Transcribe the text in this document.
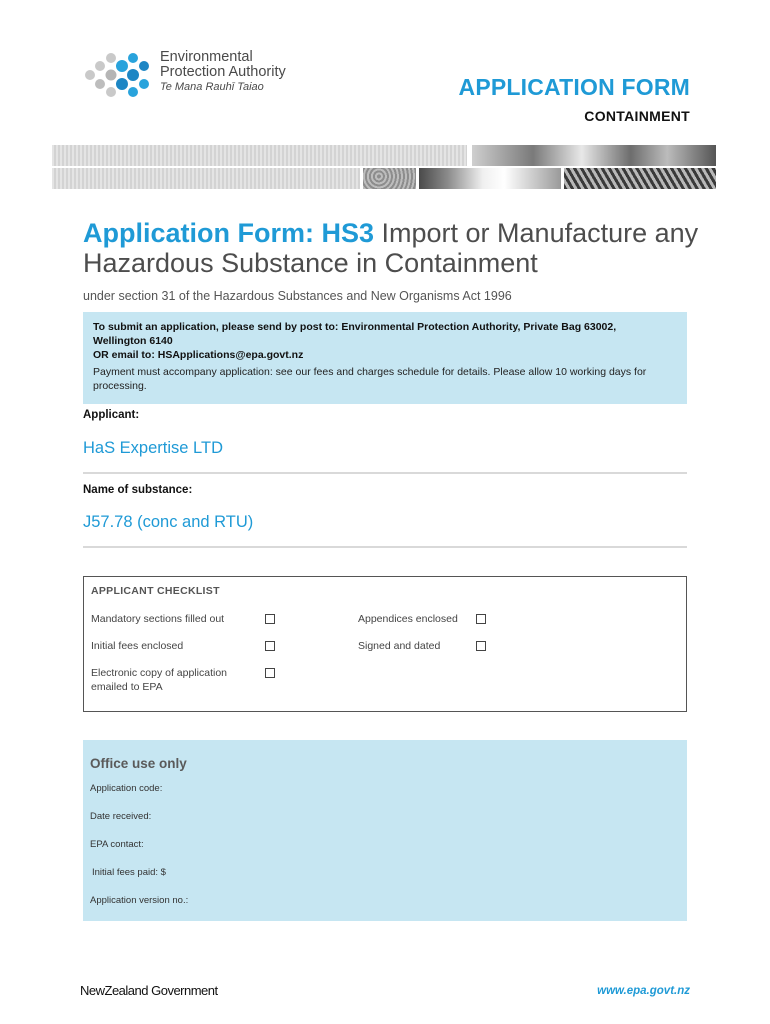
Environmental
Protection Authority
Te Mana Rauhī Taiao	APPLICATION FORM
CONTAINMENT
Application Form: HS3 Import or Manufacture any Hazardous Substance in Containment
under section 31 of the Hazardous Substances and New Organisms Act 1996
To submit an application, please send by post to: Environmental Protection Authority, Private Bag 63002,
Wellington 6140
OR email to: HSApplications@epa.govt.nz
Payment must accompany application: see our fees and charges schedule for details. Please allow 10 working days for processing.
Applicant:
HaS Expertise LTD
Name of substance:
J57.78 (conc and RTU)
APPLICANT CHECKLIST
Mandatory sections filled out
Initial fees enclosed
Electronic copy of application emailed to EPA
Appendices enclosed
Signed and dated
Office use only
Application code:
Date received:
EPA contact:
Initial fees paid: $
Application version no.:
NewZealand Government	www.epa.govt.nz
